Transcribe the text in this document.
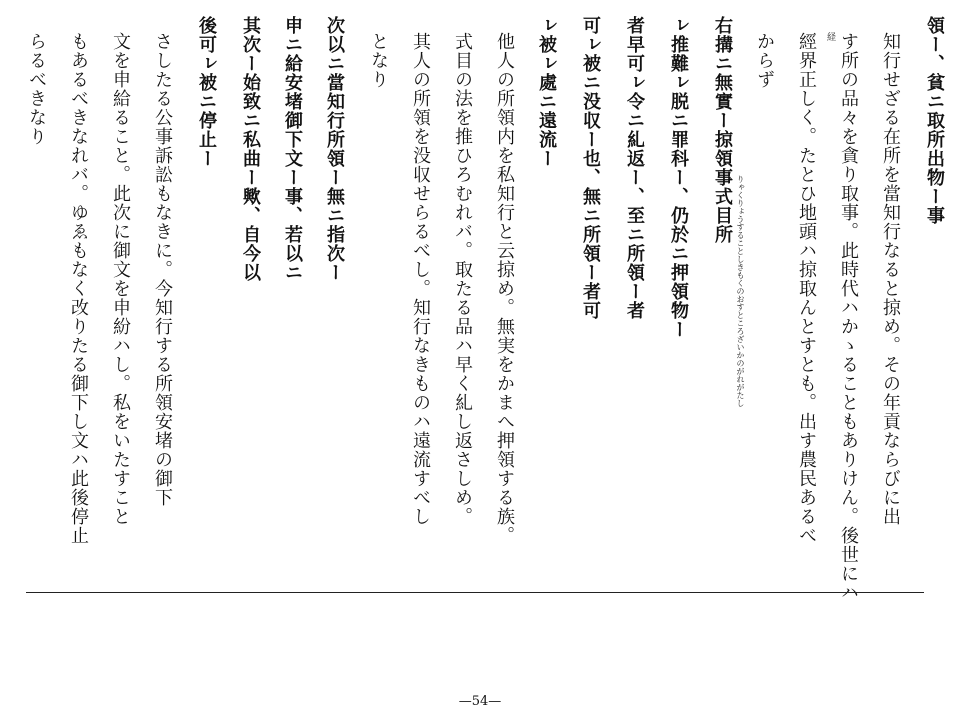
領ー、貧ニ取所出物ー事
右搆ニ無實ー掠領事式目所
ㇾ推難ㇾ脱ニ罪科ー、仍於ニ押領物ー
者早可ㇾ令ニ糺返ー、至ニ所領ー者
可ㇾ被ニ没収ー也、無ニ所領ー者可
ㇾ被ㇾ處ニ遠流ー
次以ニ當知行所領ー無ニ指次ー
申ニ給安堵御下文ー事、若以ニ
其次ー始致ニ私曲ー歟、自今以
後可ㇾ被ニ停止ー	知行せざる在所を當知行なると掠め。その年貢ならびに出
す所の品々を貪り取事。此時代ハかゝることもありけん。後世にハ
經界正しく。たとひ地頭ハ掠取んとすとも。出す農民あるべ
からず
他人の所領内を私知行と云掠め。無実をかまへ押領する族。
式目の法を推ひろむれバ。取たる品ハ早く糺し返さしめ。
其人の所領を没収せらるべし。知行なきものハ遠流すべし
となり
さしたる公事訴訟もなきに。今知行する所領安堵の御下
文を申給ること。此次に御文を申紛ハし。私をいたすこと
もあるべきなれバ。ゆゑもなく改りたる御下し文ハ此後停止
らるべきなり
りゃくりょうすることしきもくのおすところざいかのがれがたし
経
—54—
